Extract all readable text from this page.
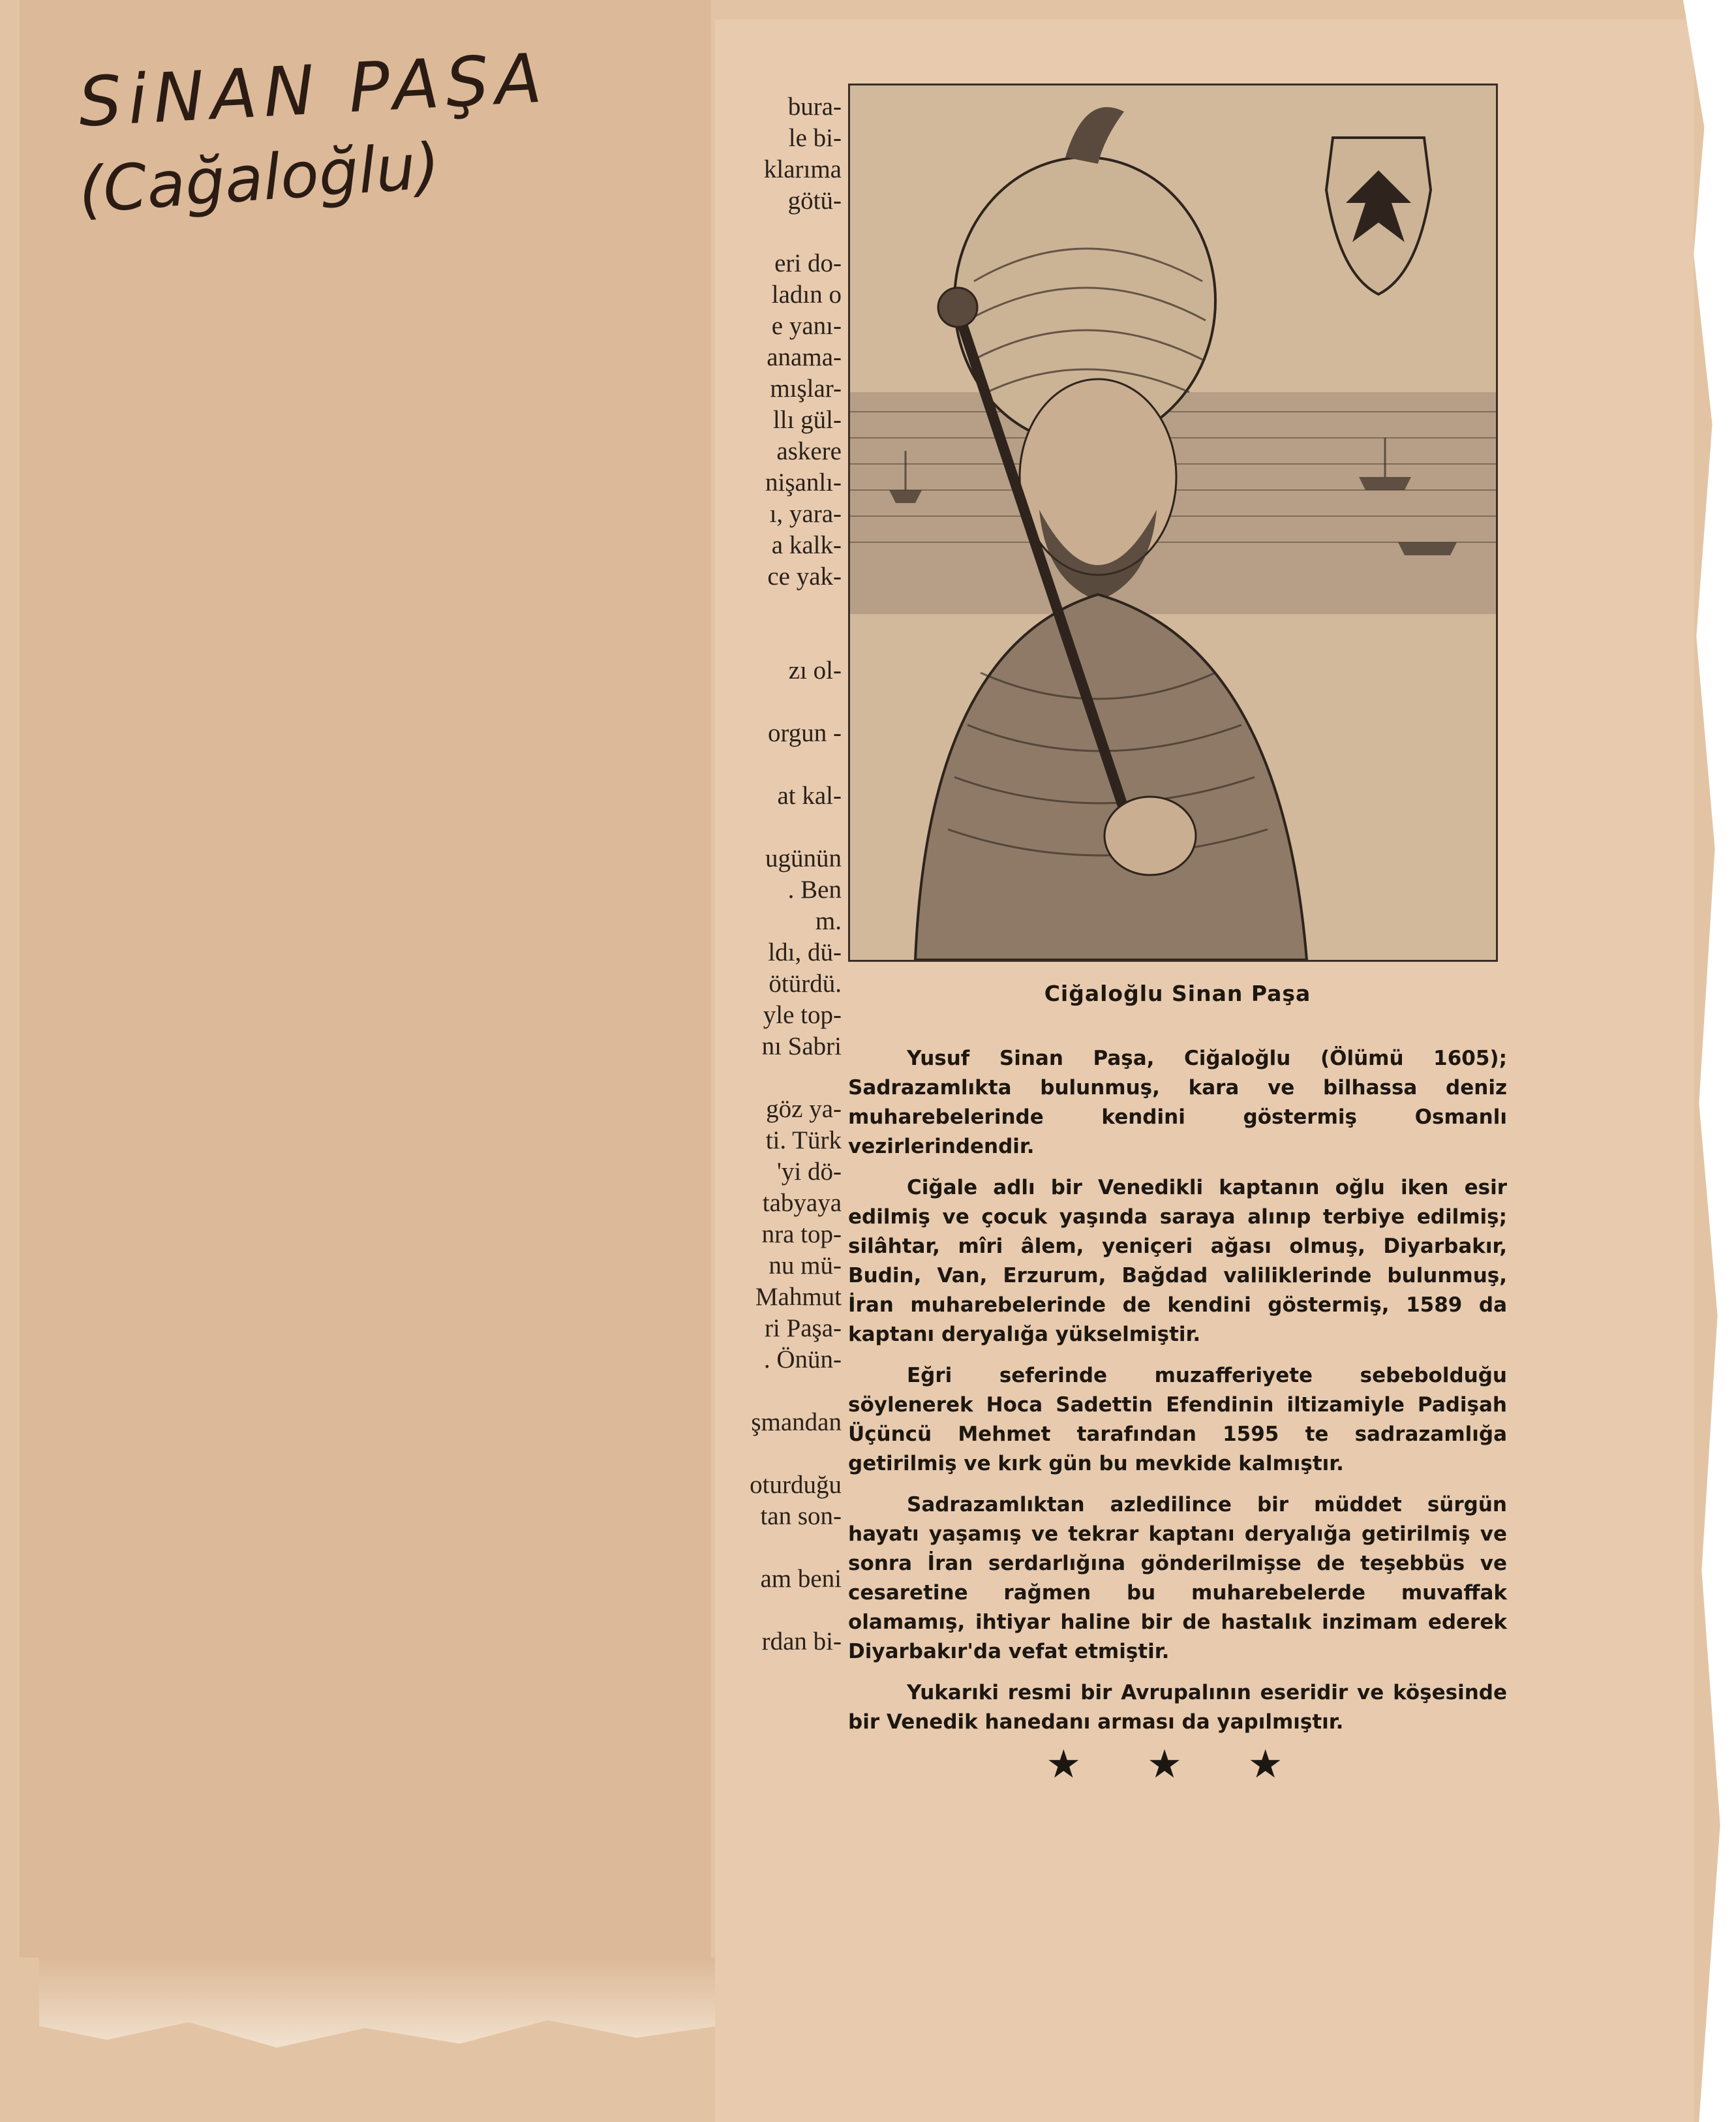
SiNAN PAŞA
(Cağaloğlu)
bura-
le bi-
klarıma
götü-
eri do-
ladın o
e yanı-
anama-
mışlar-
llı gül-
askere
nişanlı-
ı, yara-
a kalk-
ce yak-
zı ol-
orgun -
at kal-
ugünün
. Ben
m.
ldı, dü-
ötürdü.
yle top-
nı Sabri
göz ya-
ti. Türk
'yi dö-
tabyaya
nra top-
nu mü-
Mahmut
ri Paşa-
. Önün-
şmandan
oturduğu
tan son-
am beni
rdan bi-
Ciğaloğlu Sinan Paşa

Yusuf Sinan Paşa, Ciğaloğlu (Ölümü 1605); Sadrazamlıkta bulunmuş, kara ve bilhassa deniz muharebelerinde kendini göstermiş Osmanlı vezirlerindendir.

Ciğale adlı bir Venedikli kaptanın oğlu iken esir edilmiş ve çocuk yaşında saraya alınıp terbiye edilmiş; silâhtar, mîri âlem, yeniçeri ağası olmuş, Diyarbakır, Budin, Van, Erzurum, Bağdad valiliklerinde bulunmuş, İran muharebelerinde de kendini göstermiş, 1589 da kaptanı deryalığa yükselmiştir.

Eğri seferinde muzafferiyete sebebolduğu söylenerek Hoca Sadettin Efendinin iltizamiyle Padişah Üçüncü Mehmet tarafından 1595 te sadrazamlığa getirilmiş ve kırk gün bu mevkide kalmıştır.

Sadrazamlıktan azledilince bir müddet sürgün hayatı yaşamış ve tekrar kaptanı deryalığa getirilmiş ve sonra İran serdarlığına gönderilmişse de teşebbüs ve cesaretine rağmen bu muharebelerde muvaffak olamamış, ihtiyar haline bir de hastalık inzimam ederek Diyarbakır'da vefat etmiştir.

Yukarıki resmi bir Avrupalının eseridir ve köşesinde bir Venedik hanedanı arması da yapılmıştır.

★ ★ ★
